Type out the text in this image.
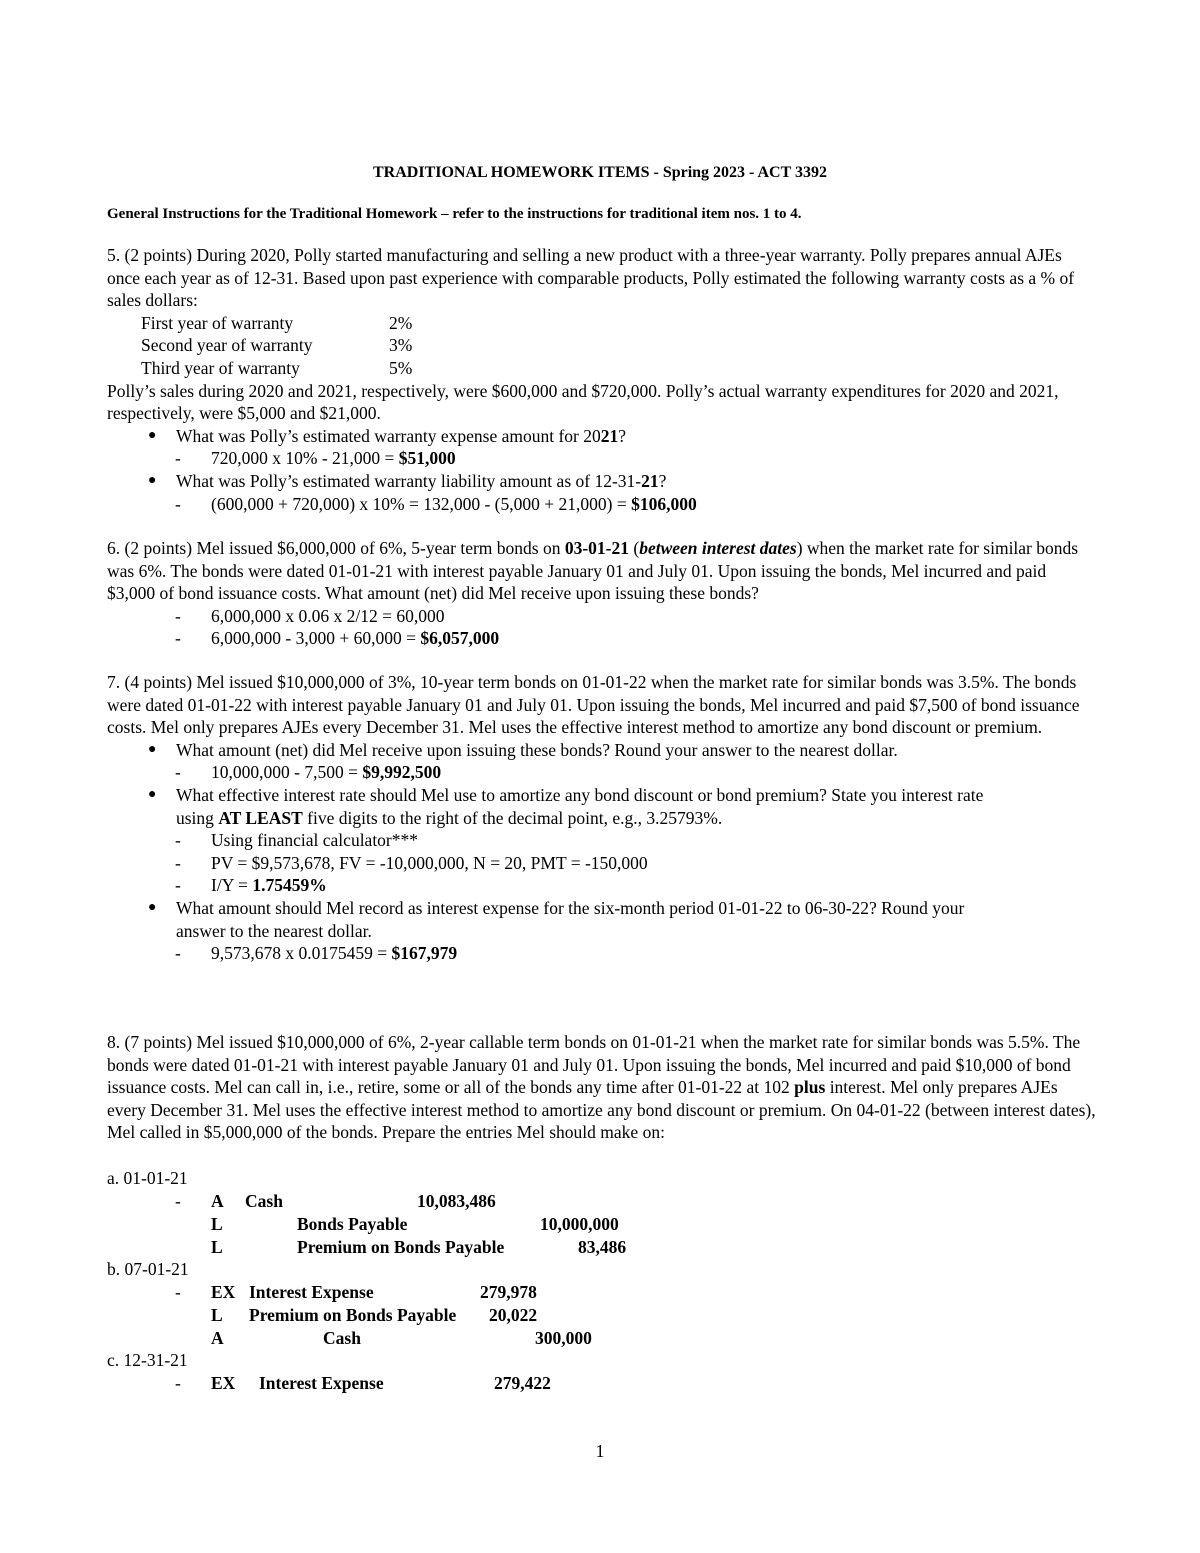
TRADITIONAL HOMEWORK ITEMS - Spring 2023 - ACT 3392
General Instructions for the Traditional Homework – refer to the instructions for traditional item nos. 1 to 4.

5. (2 points) During 2020, Polly started manufacturing and selling a new product with a three-year warranty. Polly prepares annual AJEs once each year as of 12-31. Based upon past experience with comparable products, Polly estimated the following warranty costs as a % of sales dollars:

First year of warranty	2%
Second year of warranty	3%
Third year of warranty	5%

Polly’s sales during 2020 and 2021, respectively, were $600,000 and $720,000. Polly’s actual warranty expenditures for 2020 and 2021, respectively, were $5,000 and $21,000.

●	What was Polly’s estimated warranty expense amount for 2021?
-	720,000 x 10% - 21,000 = $51,000
●	What was Polly’s estimated warranty liability amount as of 12-31-21?
-	(600,000 + 720,000) x 10% = 132,000 - (5,000 + 21,000) = $106,000

6. (2 points) Mel issued $6,000,000 of 6%, 5-year term bonds on 03-01-21 (between interest dates) when the market rate for similar bonds was 6%. The bonds were dated 01-01-21 with interest payable January 01 and July 01. Upon issuing the bonds, Mel incurred and paid $3,000 of bond issuance costs. What amount (net) did Mel receive upon issuing these bonds?

-	6,000,000 x 0.06 x 2/12 = 60,000
-	6,000,000 - 3,000 + 60,000 = $6,057,000

7. (4 points) Mel issued $10,000,000 of 3%, 10-year term bonds on 01-01-22 when the market rate for similar bonds was 3.5%. The bonds were dated 01-01-22 with interest payable January 01 and July 01. Upon issuing the bonds, Mel incurred and paid $7,500 of bond issuance costs. Mel only prepares AJEs every December 31. Mel uses the effective interest method to amortize any bond discount or premium.

●	What amount (net) did Mel receive upon issuing these bonds? Round your answer to the nearest dollar.
-	10,000,000 - 7,500 = $9,992,500
●	What effective interest rate should Mel use to amortize any bond discount or bond premium? State you interest rate
using AT LEAST five digits to the right of the decimal point, e.g., 3.25793%.
-	Using financial calculator***
-	PV = $9,573,678, FV = -10,000,000, N = 20, PMT = -150,000
-	I/Y = 1.75459%
●	What amount should Mel record as interest expense for the six-month period 01-01-22 to 06-30-22? Round your
answer to the nearest dollar.
-	9,573,678 x 0.0175459 = $167,979

8. (7 points) Mel issued $10,000,000 of 6%, 2-year callable term bonds on 01-01-21 when the market rate for similar bonds was 5.5%. The bonds were dated 01-01-21 with interest payable January 01 and July 01. Upon issuing the bonds, Mel incurred and paid $10,000 of bond issuance costs. Mel can call in, i.e., retire, some or all of the bonds any time after 01-01-22 at 102 plus interest. Mel only prepares AJEs every December 31. Mel uses the effective interest method to amortize any bond discount or premium. On 04-01-22 (between interest dates), Mel called in $5,000,000 of the bonds. Prepare the entries Mel should make on:

a. 01-01-21
- A Cash	10,083,486
L	Bonds Payable	10,000,000
L	Premium on Bonds Payable	83,486
b. 07-01-21
- EX Interest Expense	279,978
L Premium on Bonds Payable 20,022
A	Cash	300,000
c. 12-31-21
- EX Interest Expense	279,422
1
